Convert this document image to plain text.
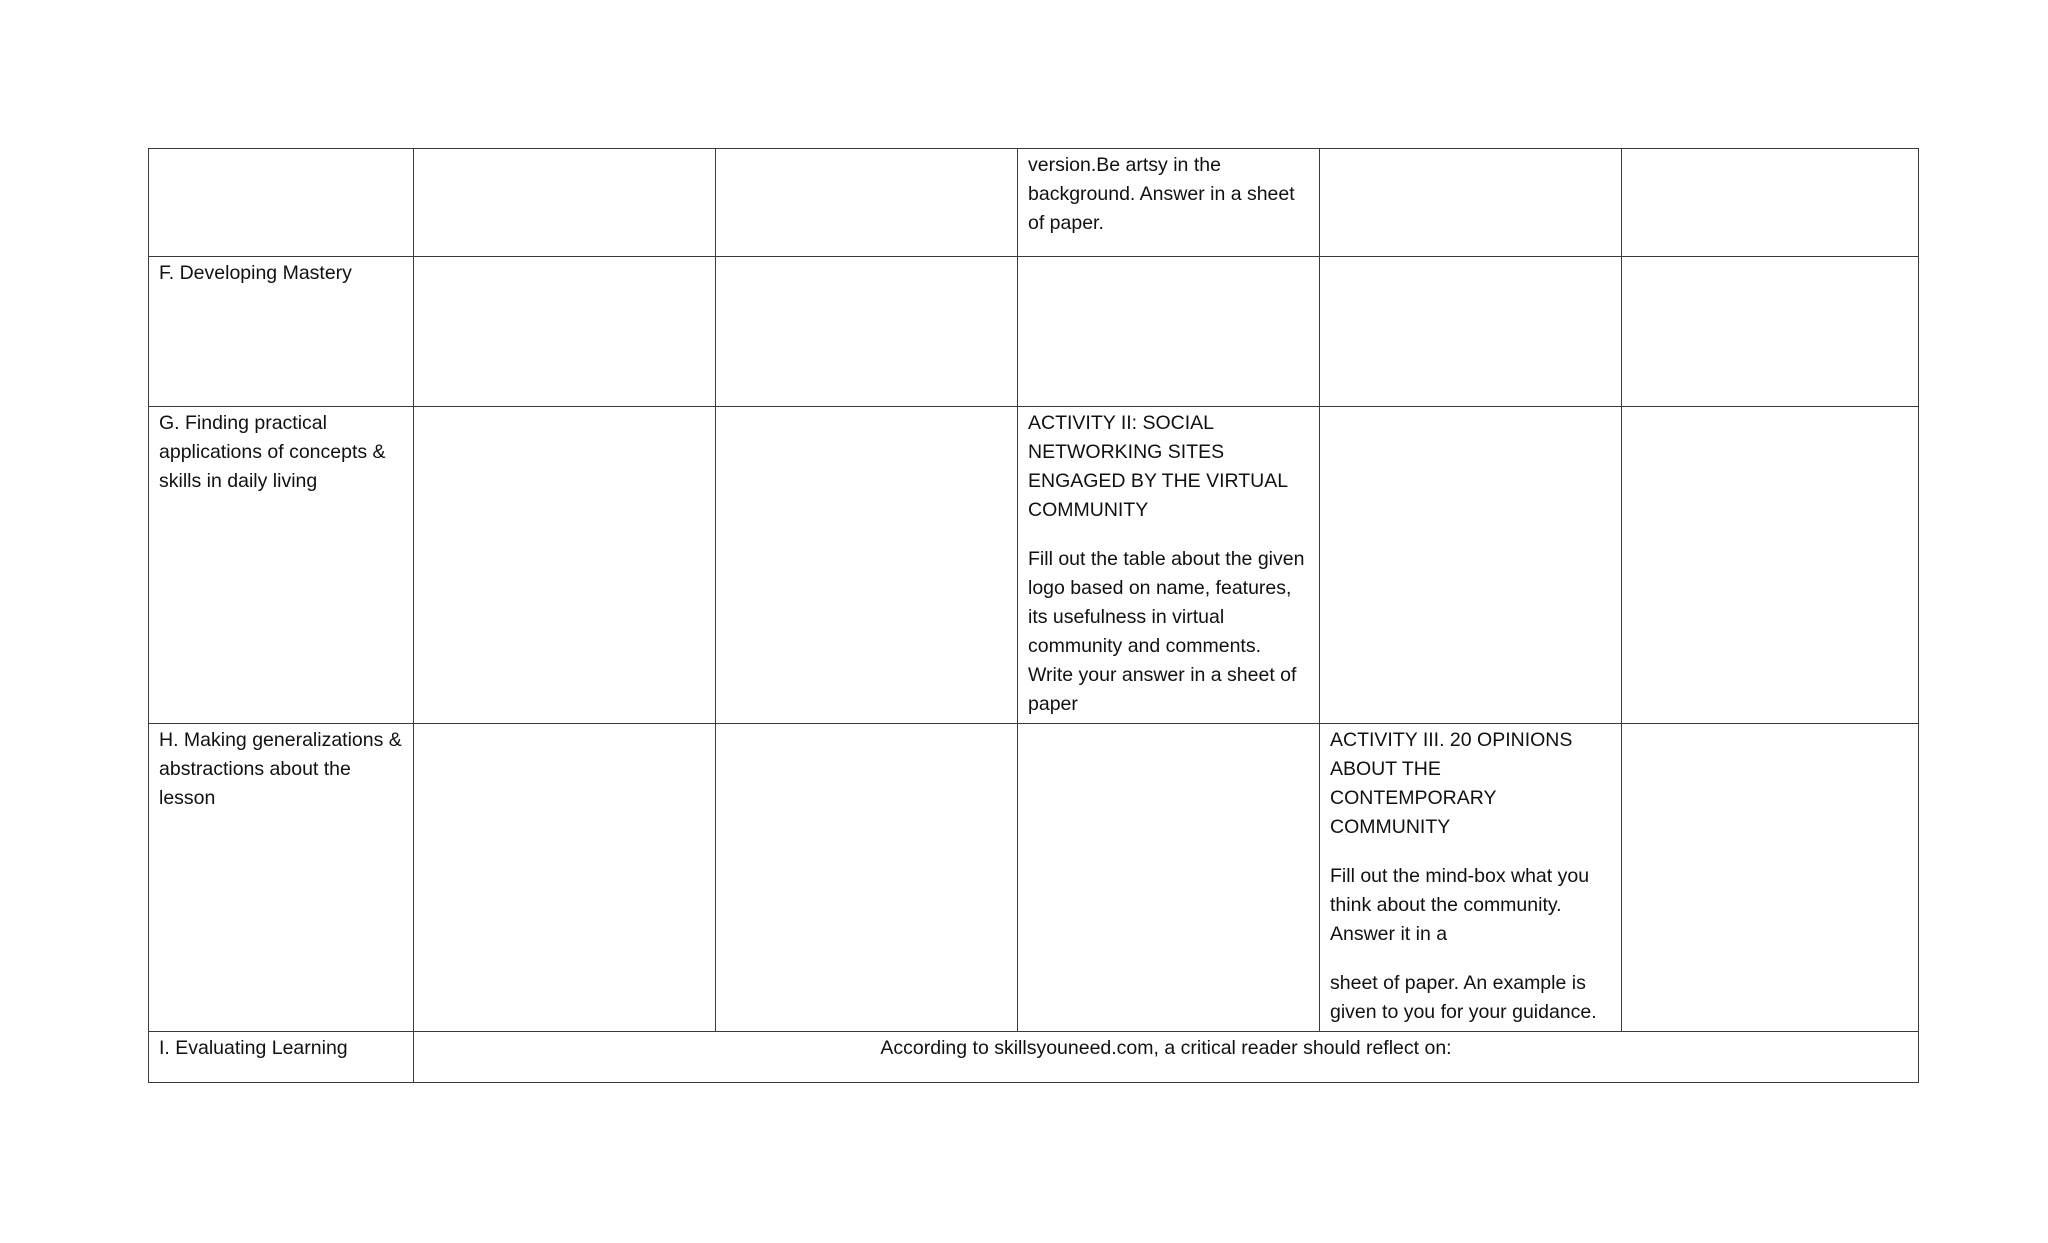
			version.Be artsy in the background. Answer in a sheet of paper.		

F. Developing Mastery					
G. Finding practical applications of concepts & skills in daily living			ACTIVITY II: SOCIAL NETWORKING SITES ENGAGED BY THE VIRTUAL COMMUNITY

Fill out the table about the given logo based on name, features, its usefulness in virtual community and comments. Write your answer in a sheet of paper		

H. Making generalizations & abstractions about the lesson				ACTIVITY III. 20 OPINIONS ABOUT THE CONTEMPORARY COMMUNITY

Fill out the mind-box what you think about the community. Answer it in a

sheet of paper. An example is given to you for your guidance.	

I. Evaluating Learning	According to skillsyouneed.com, a critical reader should reflect on:				
